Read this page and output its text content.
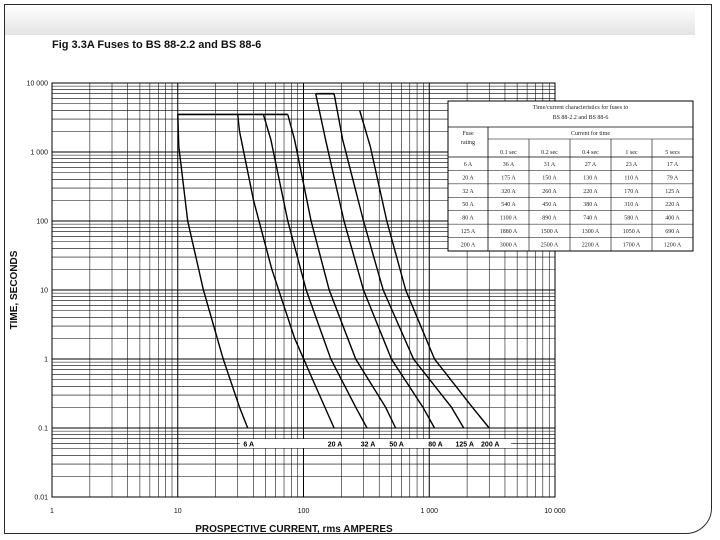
Fig 3.3A Fuses to BS 88-2.2 and BS 88-6
1	10	100	1 000	10 000
0.01
0.1
1
10
100
1 000
10 000
PROSPECTIVE CURRENT, rms AMPERES
TIME, SECONDS
6 A	20 A	32 A 50 A	80 A 125 A 200 A
Time/current characteristics for fuses to
BS 88-2.2 and BS 88-6
Fuse
rating
Current for time
0.1 sec	0.2 sec	0.4 sec	1 sec	5 secs
6 A	36 A	31 A	27 A	23 A	17 A
20 A	175 A	150 A	130 A	110 A	79 A
32 A	320 A	260 A	220 A	170 A	125 A
50 A	540 A	450 A	380 A	310 A	220 A
80 A	1100 A	890 A	740 A	580 A	400 A
125 A	1880 A	1500 A	1300 A	1050 A	690 A
200 A	3000 A	2500 A	2200 A	1700 A	1200 A
